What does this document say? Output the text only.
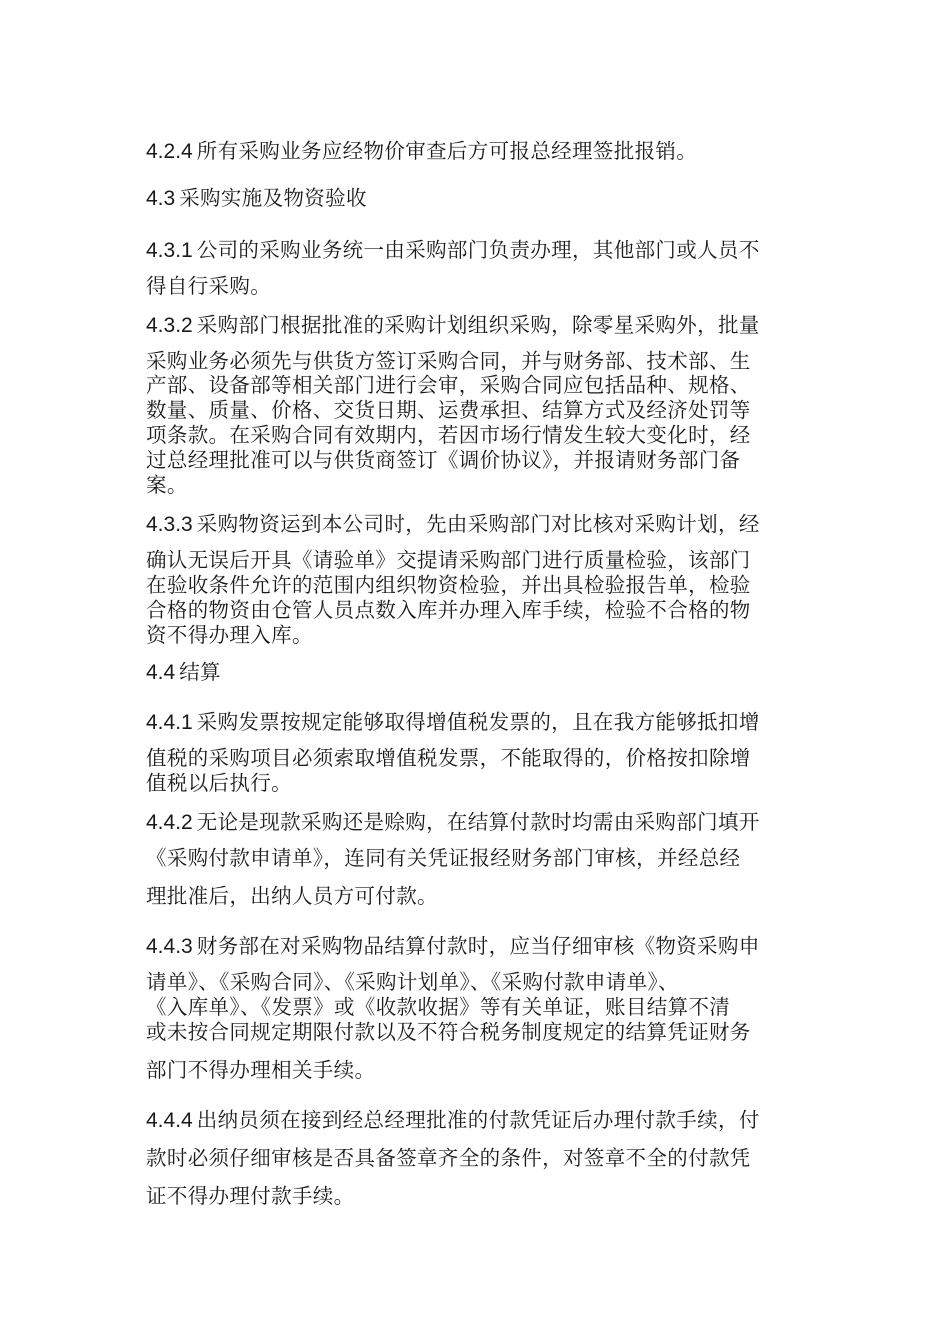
4.2.4 所有采购业务应经物价审查后方可报总经理签批报销。
4.3 采购实施及物资验收
4.3.1 公司的采购业务统一由采购部门负责办理，其他部门或人员不
得自行采购。
4.3.2 采购部门根据批准的采购计划组织采购，除零星采购外，批量
采购业务必须先与供货方签订采购合同，并与财务部、技术部、生
产部、设备部等相关部门进行会审，采购合同应包括品种、规格、
数量、质量、价格、交货日期、运费承担、结算方式及经济处罚等
项条款。在采购合同有效期内，若因市场行情发生较大变化时，经
过总经理批准可以与供货商签订《调价协议》，并报请财务部门备
案。
4.3.3 采购物资运到本公司时，先由采购部门对比核对采购计划，经
确认无误后开具《请验单》交提请采购部门进行质量检验，该部门
在验收条件允许的范围内组织物资检验，并出具检验报告单，检验
合格的物资由仓管人员点数入库并办理入库手续，检验不合格的物
资不得办理入库。
4.4 结算
4.4.1 采购发票按规定能够取得增值税发票的，且在我方能够抵扣增
值税的采购项目必须索取增值税发票，不能取得的，价格按扣除增
值税以后执行。
4.4.2 无论是现款采购还是赊购，在结算付款时均需由采购部门填开
《采购付款申请单》，连同有关凭证报经财务部门审核，并经总经
理批准后，出纳人员方可付款。
4.4.3 财务部在对采购物品结算付款时，应当仔细审核《物资采购申
请单》、《采购合同》、《采购计划单》、《采购付款申请单》、
《入库单》、《发票》或《收款收据》等有关单证，账目结算不清
或未按合同规定期限付款以及不符合税务制度规定的结算凭证财务
部门不得办理相关手续。
4.4.4 出纳员须在接到经总经理批准的付款凭证后办理付款手续，付
款时必须仔细审核是否具备签章齐全的条件，对签章不全的付款凭
证不得办理付款手续。
